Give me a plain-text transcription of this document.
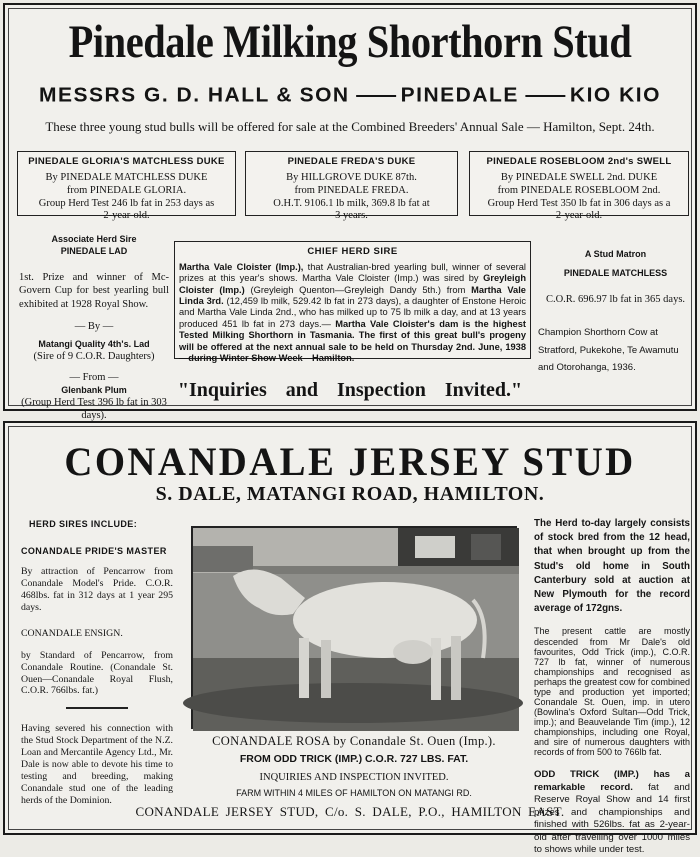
Pinedale Milking Shorthorn Stud
MESSRS G. D. HALL & SON —— PINEDALE —— KIO KIO
These three young stud bulls will be offered for sale at the Combined Breeders' Annual Sale — Hamilton, Sept. 24th.
PINEDALE GLORIA'S MATCHLESS DUKE
By PINEDALE MATCHLESS DUKE
from PINEDALE GLORIA.
Group Herd Test 246 lb fat in 253 days as
2-year-old.
PINEDALE FREDA'S DUKE
By HILLGROVE DUKE 87th.
from PINEDALE FREDA.
O.H.T. 9106.1 lb milk, 369.8 lb fat at
3 years.
PINEDALE ROSEBLOOM 2nd's SWELL
By PINEDALE SWELL 2nd. DUKE
from PINEDALE ROSEBLOOM 2nd.
Group Herd Test 350 lb fat in 306 days as a
2-year-old.
Associate Herd Sire
PINEDALE LAD
1st. Prize and winner of Mc-Govern Cup for best yearling bull exhibited at 1928 Royal Show.
— By —
Matangi Quality 4th's. Lad
(Sire of 9 C.O.R. Daughters)
— From —
Glenbank Plum
(Group Herd Test 396 lb fat in 303 days).
CHIEF HERD SIRE
Martha Vale Cloister (Imp.), that Australian-bred yearling bull, winner of several prizes at this year's shows. Martha Vale Cloister (Imp.) was sired by Greyleigh Cloister (Imp.) (Greyleigh Quenton—Greyleigh Dandy 5th.) from Martha Vale Linda 3rd. (12,459 lb milk, 529.42 lb fat in 273 days), a daughter of Enstone Heroic and Martha Vale Linda 2nd., who has milked up to 75 lb milk a day, and at 13 years produced 451 lb fat in 273 days.— Martha Vale Cloister's dam is the highest Tested Milking Shorthorn in Tasmania. The first of this great bull's progeny will be offered at the next annual sale to be held on Thursday 2nd. June, 1938—during Winter Show Week—Hamilton.
A Stud Matron
PINEDALE MATCHLESS
C.O.R. 696.97 lb fat in 365 days.
Champion Shorthorn Cow at Stratford, Pukekohe, Te Awamutu and Otorohanga, 1936.
"Inquiries and Inspection Invited."
CONANDALE JERSEY STUD
S. DALE, MATANGI ROAD, HAMILTON.
HERD SIRES INCLUDE:
CONANDALE PRIDE'S MASTER
By attraction of Pencarrow from Conandale Model's Pride. C.O.R. 468lbs. fat in 312 days at 1 year 295 days.
CONANDALE ENSIGN.
by Standard of Pencarrow, from Conandale Routine. (Conandale St. Ouen—Conandale Royal Flush, C.O.R. 766lbs. fat.)
Having severed his connection with the Stud Stock Department of the N.Z. Loan and Mercantile Agency Ltd., Mr. Dale is now able to devote his time to testing and breeding, making Conandale stud one of the leading herds of the Dominion.
The Herd to-day largely consists of stock bred from the 12 head, that when brought up from the Stud's old home in South Canterbury sold at auction at New Plymouth for the record average of 172gns.
The present cattle are mostly descended from Mr Dale's old favourites, Odd Trick (imp.), C.O.R. 727 lb fat, winner of numerous championships and recognised as perhaps the greatest cow for combined type and production yet imported; Conandale St. Ouen, imp. in utero (Bowlina's Oxford Sultan—Odd Trick, imp.); and Beauvelande Tim (imp.), 12 championships, including one Royal, and sire of numerous daughters with records of from 500 to 766lb fat.
ODD TRICK (IMP.) has a remarkable record. fat and Reserve Royal Show and 14 first prizes and championships and finished with 526lbs. fat as 2-year-old after travelling over 1000 miles to shows while under test.
CONANDALE ROSA by Conandale St. Ouen (Imp.).
FROM ODD TRICK (IMP.) C.O.R. 727 LBS. FAT.
INQUIRIES AND INSPECTION INVITED.
FARM WITHIN 4 MILES OF HAMILTON ON MATANGI RD.
CONANDALE JERSEY STUD, C/o. S. DALE, P.O., HAMILTON EAST.
